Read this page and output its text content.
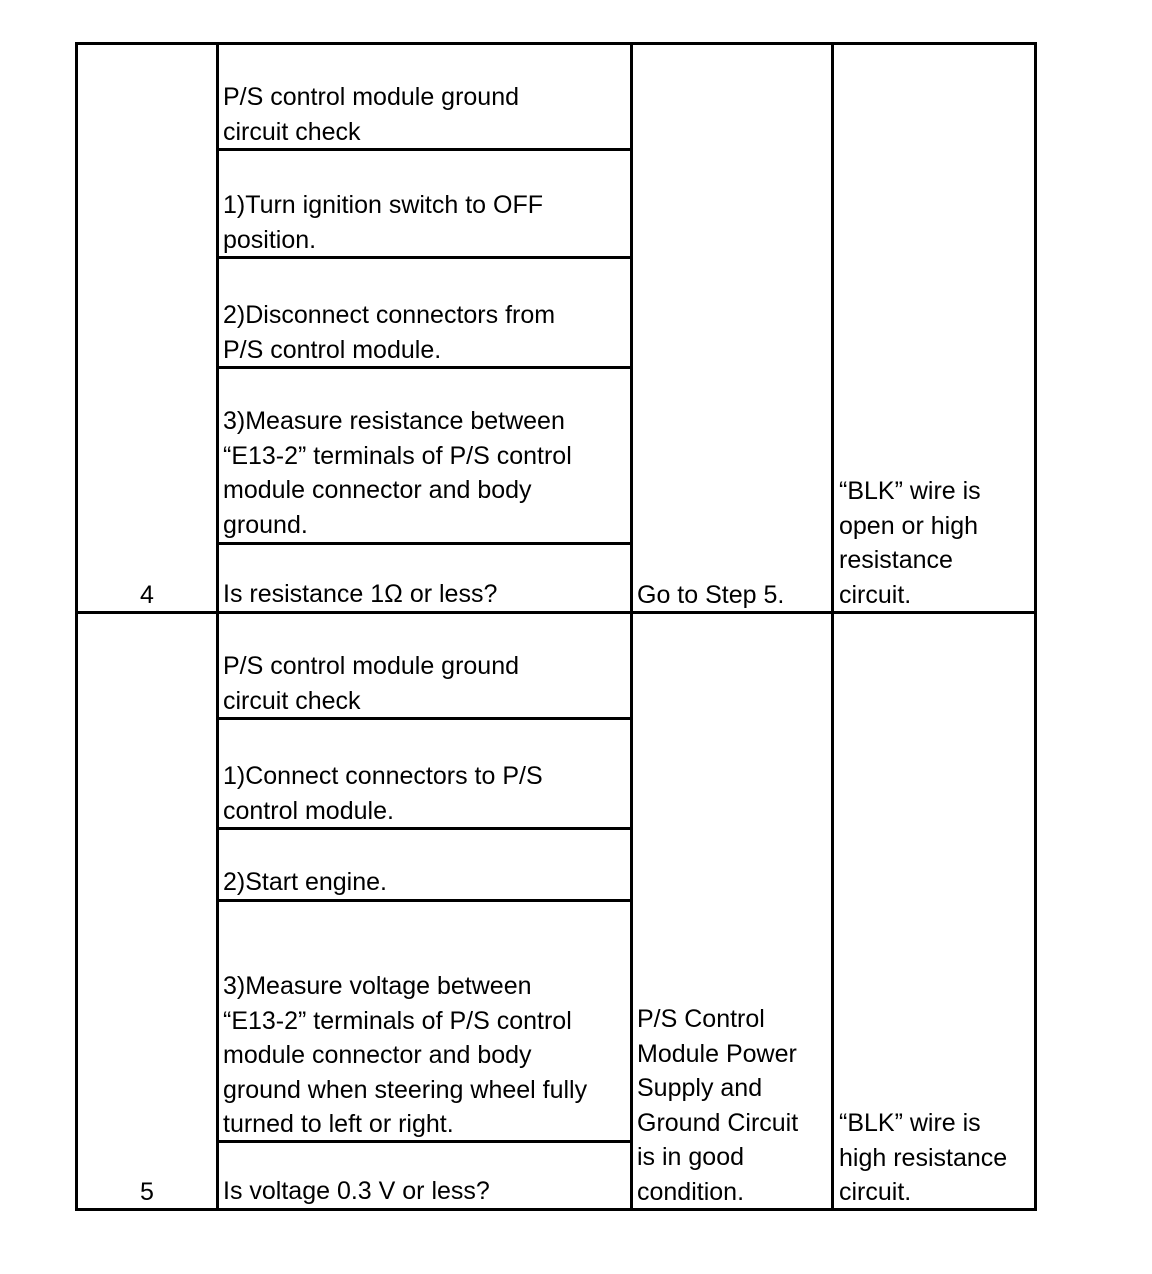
4
P/S control module ground
circuit check
1)Turn ignition switch to OFF
position.
2)Disconnect connectors from
P/S control module.
3)Measure resistance between
“E13-2” terminals of P/S control
module connector and body
ground.
Is resistance 1Ω or less?	Go to Step 5.
“BLK” wire is
open or high
resistance
circuit.
5
P/S control module ground
circuit check
1)Connect connectors to P/S
control module.
2)Start engine.
3)Measure voltage between
“E13-2” terminals of P/S control
module connector and body
ground when steering wheel fully
turned to left or right.
Is voltage 0.3 V or less?
P/S Control
Module Power
Supply and
Ground Circuit
is in good
condition.
“BLK” wire is
high resistance
circuit.
